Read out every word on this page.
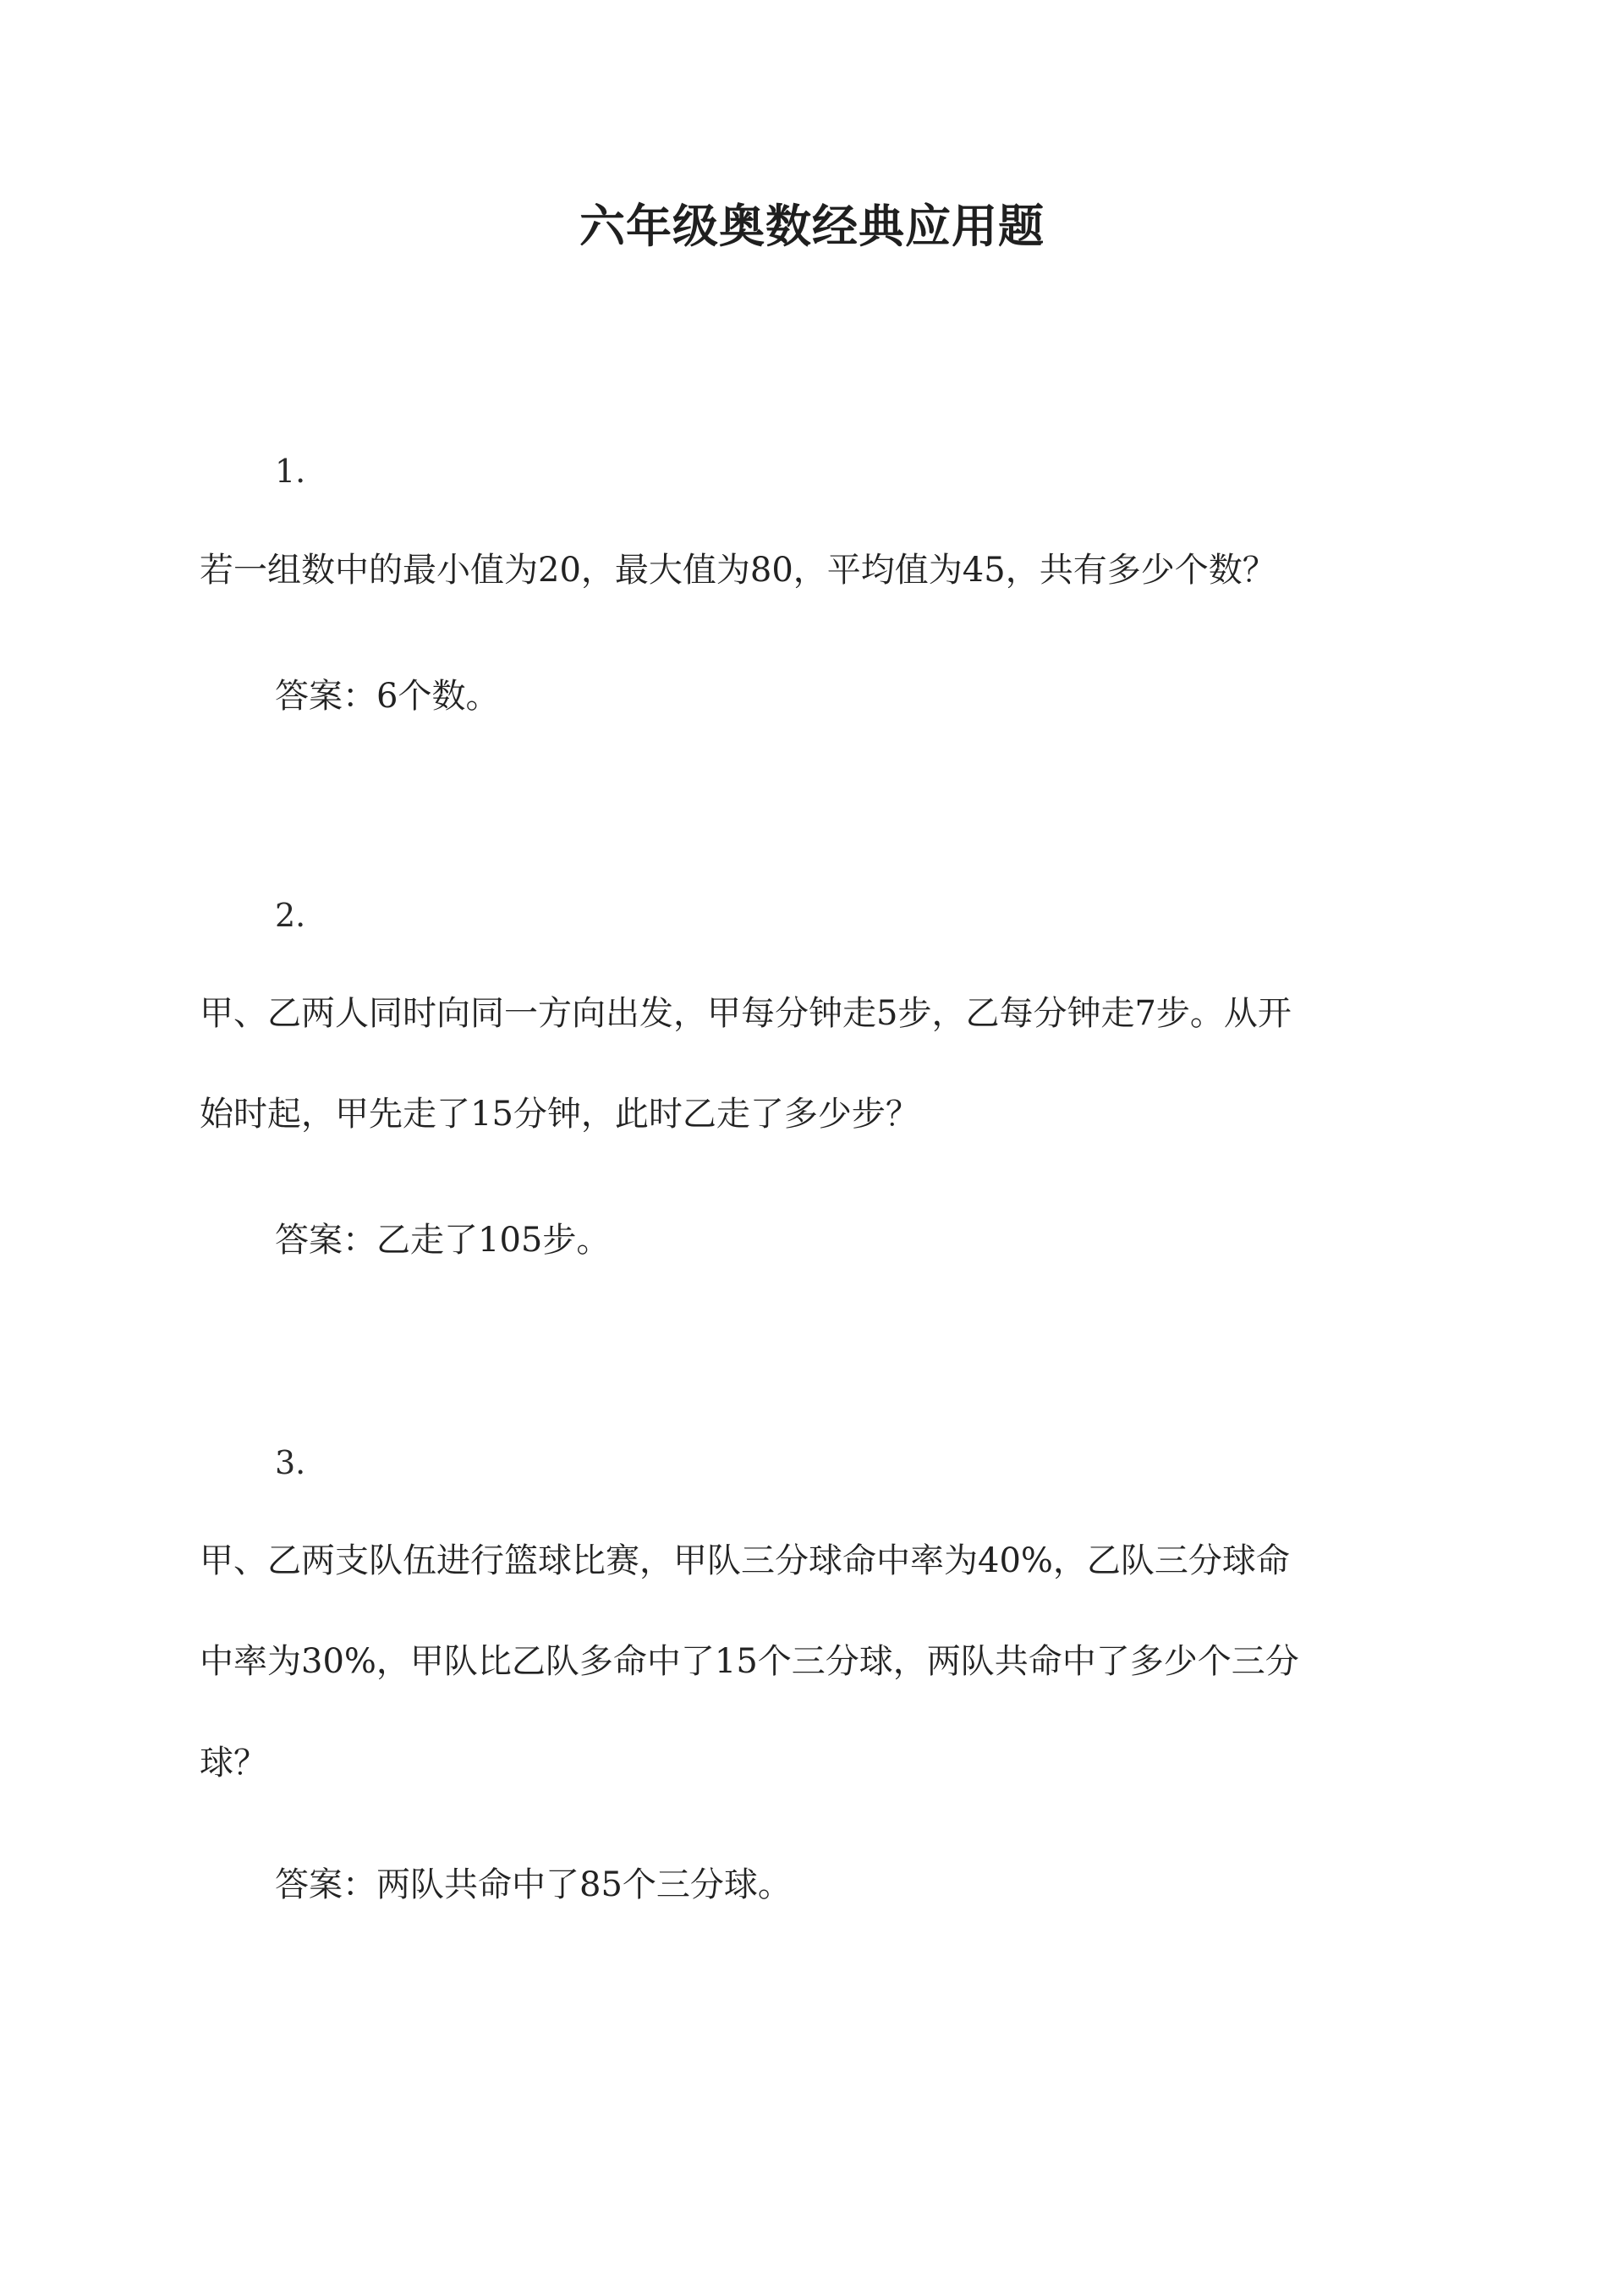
六年级奥数经典应用题
1.
若一组数中的最小值为20，最大值为80，平均值为45，共有多少个数？
答案：6个数。
2.
甲、乙两人同时向同一方向出发，甲每分钟走5步，乙每分钟走7步。从开
始时起，甲先走了15分钟，此时乙走了多少步？
答案：乙走了105步。
3.
甲、乙两支队伍进行篮球比赛，甲队三分球命中率为40%，乙队三分球命
中率为30%，甲队比乙队多命中了15个三分球，两队共命中了多少个三分
球？
答案：两队共命中了85个三分球。
